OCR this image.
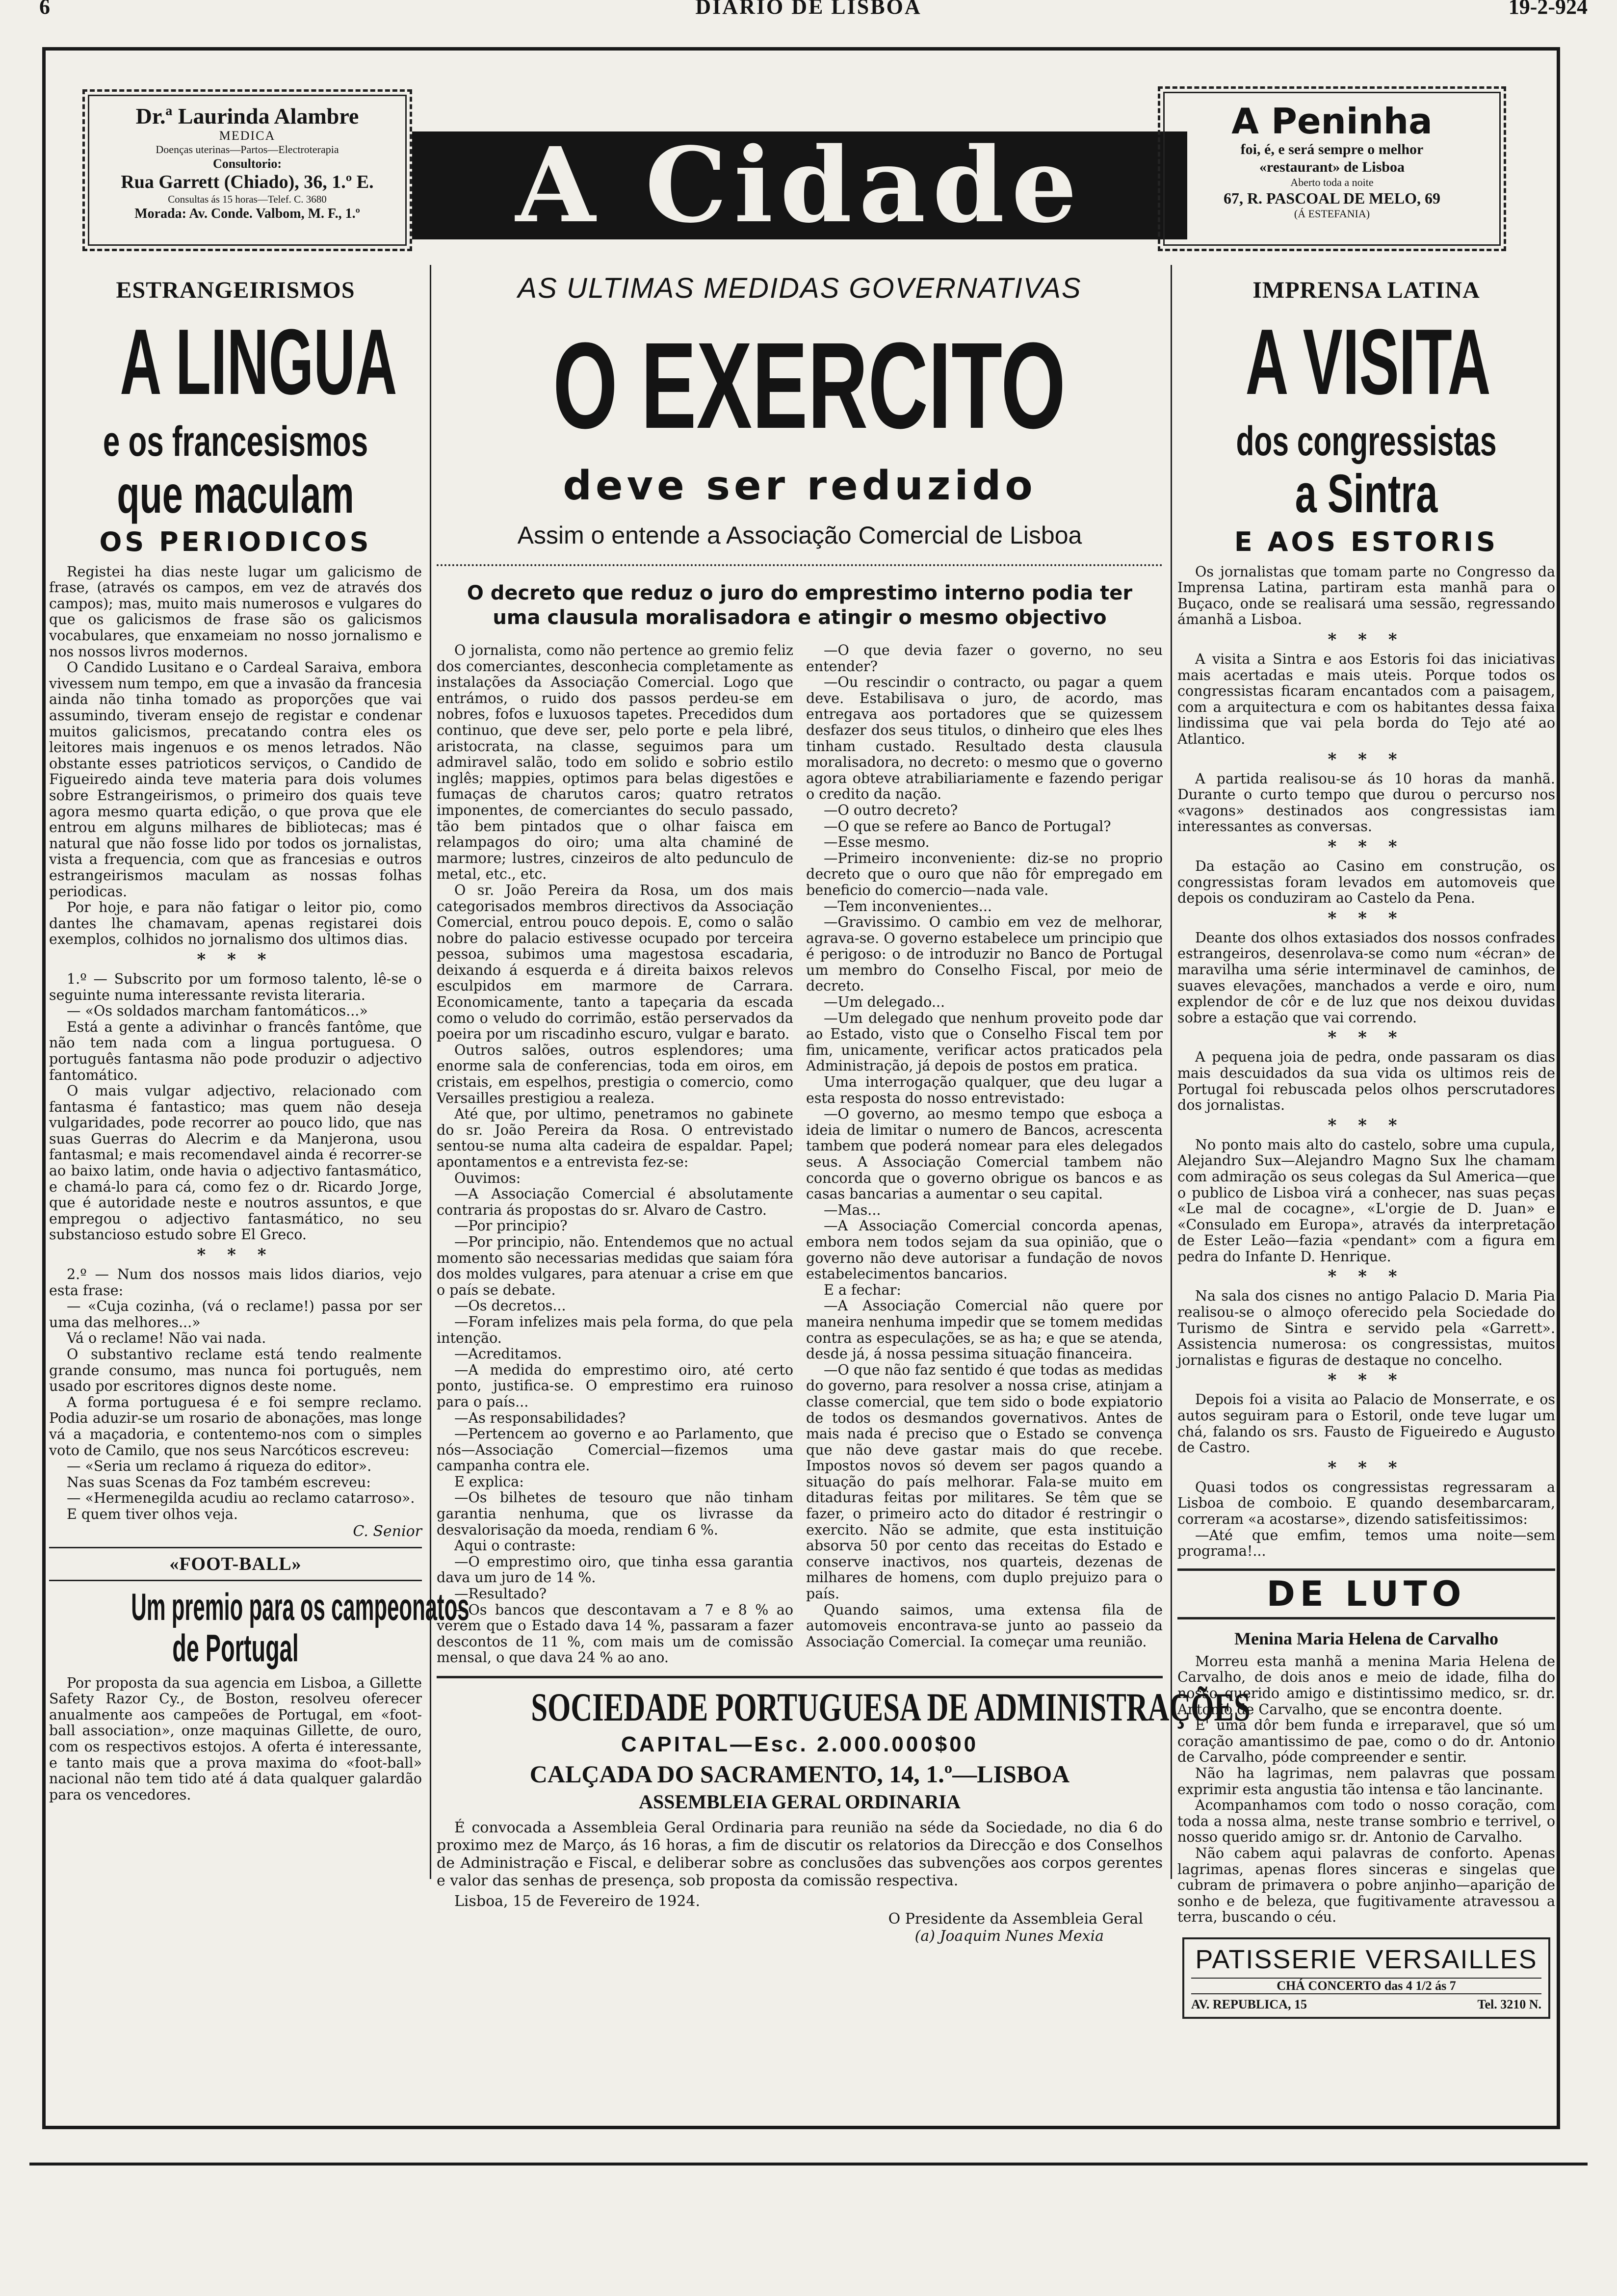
6	DIARIO DE LISBOA	19-2-924
Dr.ª Laurinda Alambre
MEDICA
Doenças uterinas—Partos—Electroterapia
Consultorio:
Rua Garrett (Chiado), 36, 1.º E.
Consultas ás 15 horas—Telef. C. 3680
Morada: Av. Conde. Valbom, M. F., 1.º	A Cidade
A Peninha
foi, é, e será sempre o melhor
«restaurant» de Lisboa
Aberto toda a noite
67, R. PASCOAL DE MELO, 69
(Á ESTEFANIA)
ESTRANGEIRISMOS
A LINGUA
e os francesismos
que maculam
OS PERIODICOS

Registei ha dias neste lugar um galicismo de frase, (através os campos, em vez de através dos campos); mas, muito mais numerosos e vulgares do que os galicismos de frase são os galicismos vocabulares, que enxameiam no nosso jornalismo e nos nossos livros modernos.

O Candido Lusitano e o Cardeal Saraiva, embora vivessem num tempo, em que a invasão da francesia ainda não tinha tomado as proporções que vai assumindo, tiveram ensejo de registar e condenar muitos galicismos, precatando contra eles os leitores mais ingenuos e os menos letrados. Não obstante esses patrioticos serviços, o Candido de Figueiredo ainda teve materia para dois volumes sobre Estrangeirismos, o primeiro dos quais teve agora mesmo quarta edição, o que prova que ele entrou em alguns milhares de bibliotecas; mas é natural que não fosse lido por todos os jornalistas, vista a frequencia, com que as francesias e outros estrangeirismos maculam as nossas folhas periodicas.

Por hoje, e para não fatigar o leitor pio, como dantes lhe chamavam, apenas registarei dois exemplos, colhidos no jornalismo dos ultimos dias.

* * *

1.º — Subscrito por um formoso talento, lê-se o seguinte numa interessante revista literaria.

— «Os soldados marcham fantomáticos...»

Está a gente a adivinhar o francês fantôme, que não tem nada com a lingua portuguesa. O português fantasma não pode produzir o adjectivo fantomático.

O mais vulgar adjectivo, relacionado com fantasma é fantastico; mas quem não deseja vulgaridades, pode recorrer ao pouco lido, que nas suas Guerras do Alecrim e da Manjerona, usou fantasmal; e mais recomendavel ainda é recorrer-se ao baixo latim, onde havia o adjectivo fantasmático, e chamá-lo para cá, como fez o dr. Ricardo Jorge, que é autoridade neste e noutros assuntos, e que empregou o adjectivo fantasmático, no seu substancioso estudo sobre El Greco.

* * *

2.º — Num dos nossos mais lidos diarios, vejo esta frase:

— «Cuja cozinha, (vá o reclame!) passa por ser uma das melhores...»

Vá o reclame! Não vai nada.

O substantivo reclame está tendo realmente grande consumo, mas nunca foi português, nem usado por escritores dignos deste nome.

A forma portuguesa é e foi sempre reclamo. Podia aduzir-se um rosario de abonações, mas longe vá a maçadoria, e contentemo-nos com o simples voto de Camilo, que nos seus Narcóticos escreveu:

— «Seria um reclamo á riqueza do editor».

Nas suas Scenas da Foz também escreveu:

— «Hermenegilda acudiu ao reclamo catarroso».

E quem tiver olhos veja.

C. Senior
«FOOT-BALL»
Um premio para os campeonatos
de Portugal

Por proposta da sua agencia em Lisboa, a Gillette Safety Razor Cy., de Boston, resolveu oferecer anualmente aos campeões de Portugal, em «foot-ball association», onze maquinas Gillette, de ouro, com os respectivos estojos. A oferta é interessante, e tanto mais que a prova maxima do «foot-ball» nacional não tem tido até á data qualquer galardão para os vencedores.

AS ULTIMAS MEDIDAS GOVERNATIVAS
O EXERCITO
deve ser reduzido
Assim o entende a Associação Comercial de Lisboa
O decreto que reduz o juro do emprestimo interno podia ter uma clausula moralisadora e atingir o mesmo objectivo

O jornalista, como não pertence ao gremio feliz dos comerciantes, desconhecia completamente as instalações da Associação Comercial. Logo que entrámos, o ruido dos passos perdeu-se em nobres, fofos e luxuosos tapetes. Precedidos dum continuo, que deve ser, pelo porte e pela libré, aristocrata, na classe, seguimos para um admiravel salão, todo em solido e sobrio estilo inglês; mappies, optimos para belas digestões e fumaças de charutos caros; quatro retratos imponentes, de comerciantes do seculo passado, tão bem pintados que o olhar faisca em relampagos do oiro; uma alta chaminé de marmore; lustres, cinzeiros de alto pedunculo de metal, etc., etc.

O sr. João Pereira da Rosa, um dos mais categorisados membros directivos da Associação Comercial, entrou pouco depois. E, como o salão nobre do palacio estivesse ocupado por terceira pessoa, subimos uma magestosa escadaria, deixando á esquerda e á direita baixos relevos esculpidos em marmore de Carrara. Economicamente, tanto a tapeçaria da escada como o veludo do corrimão, estão perservados da poeira por um riscadinho escuro, vulgar e barato.

Outros salões, outros esplendores; uma enorme sala de conferencias, toda em oiros, em cristais, em espelhos, prestigia o comercio, como Versailles prestigiou a realeza.

Até que, por ultimo, penetramos no gabinete do sr. João Pereira da Rosa. O entrevistado sentou-se numa alta cadeira de espaldar. Papel; apontamentos e a entrevista fez-se:

Ouvimos:

—A Associação Comercial é absolutamente contraria ás propostas do sr. Alvaro de Castro.

—Por principio?

—Por principio, não. Entendemos que no actual momento são necessarias medidas que saiam fóra dos moldes vulgares, para atenuar a crise em que o país se debate.

—Os decretos...

—Foram infelizes mais pela forma, do que pela intenção.

—Acreditamos.

—A medida do emprestimo oiro, até certo ponto, justifica-se. O emprestimo era ruinoso para o país...

—As responsabilidades?

—Pertencem ao governo e ao Parlamento, que nós—Associação Comercial—fizemos uma campanha contra ele.

E explica:

—Os bilhetes de tesouro que não tinham garantia nenhuma, que os livrasse da desvalorisação da moeda, rendiam 6 %.

Aqui o contraste:

—O emprestimo oiro, que tinha essa garantia dava um juro de 14 %.

—Resultado?

—Os bancos que descontavam a 7 e 8 % ao verem que o Estado dava 14 %, passaram a fazer descontos de 11 %, com mais um de comissão mensal, o que dava 24 % ao ano.

—O que devia fazer o governo, no seu entender?

—Ou rescindir o contracto, ou pagar a quem deve. Estabilisava o juro, de acordo, mas entregava aos portadores que se quizessem desfazer dos seus titulos, o dinheiro que eles lhes tinham custado. Resultado desta clausula moralisadora, no decreto: o mesmo que o governo agora obteve atrabiliariamente e fazendo perigar o credito da nação.

—O outro decreto?

—O que se refere ao Banco de Portugal?

—Esse mesmo.

—Primeiro inconveniente: diz-se no proprio decreto que o ouro que não fôr empregado em beneficio do comercio—nada vale.

—Tem inconvenientes...

—Gravissimo. O cambio em vez de melhorar, agrava-se. O governo estabelece um principio que é perigoso: o de introduzir no Banco de Portugal um membro do Conselho Fiscal, por meio de decreto.

—Um delegado...

—Um delegado que nenhum proveito pode dar ao Estado, visto que o Conselho Fiscal tem por fim, unicamente, verificar actos praticados pela Administração, já depois de postos em pratica.

Uma interrogação qualquer, que deu lugar a esta resposta do nosso entrevistado:

—O governo, ao mesmo tempo que esboça a ideia de limitar o numero de Bancos, acrescenta tambem que poderá nomear para eles delegados seus. A Associação Comercial tambem não concorda que o governo obrigue os bancos e as casas bancarias a aumentar o seu capital.

—Mas...

—A Associação Comercial concorda apenas, embora nem todos sejam da sua opinião, que o governo não deve autorisar a fundação de novos estabelecimentos bancarios.

E a fechar:

—A Associação Comercial não quere por maneira nenhuma impedir que se tomem medidas contra as especulações, se as ha; e que se atenda, desde já, á nossa pessima situação financeira.

—O que não faz sentido é que todas as medidas do governo, para resolver a nossa crise, atinjam a classe comercial, que tem sido o bode expiatorio de todos os desmandos governativos. Antes de mais nada é preciso que o Estado se convença que não deve gastar mais do que recebe. Impostos novos só devem ser pagos quando a situação do país melhorar. Fala-se muito em ditaduras feitas por militares. Se têm que se fazer, o primeiro acto do ditador é restringir o exercito. Não se admite, que esta instituição absorva 50 por cento das receitas do Estado e conserve inactivos, nos quarteis, dezenas de milhares de homens, com duplo prejuizo para o país.

Quando saimos, uma extensa fila de automoveis encontrava-se junto ao passeio da Associação Comercial. Ia começar uma reunião.

SOCIEDADE PORTUGUESA DE ADMINISTRAÇÕES
CAPITAL—Esc. 2.000.000$00
CALÇADA DO SACRAMENTO, 14, 1.º—LISBOA
ASSEMBLEIA GERAL ORDINARIA

É convocada a Assembleia Geral Ordinaria para reunião na séde da Sociedade, no dia 6 do proximo mez de Março, ás 16 horas, a fim de discutir os relatorios da Direcção e dos Conselhos de Administração e Fiscal, e deliberar sobre as conclusões das subvenções aos corpos gerentes e valor das senhas de presença, sob proposta da comissão respectiva.

Lisboa, 15 de Fevereiro de 1924.

O Presidente da Assembleia Geral
(a) Joaquim Nunes Mexia
IMPRENSA LATINA
A VISITA
dos congressistas
a Sintra
E AOS ESTORIS

Os jornalistas que tomam parte no Congresso da Imprensa Latina, partiram esta manhã para o Buçaco, onde se realisará uma sessão, regressando ámanhã a Lisboa.

* * *

A visita a Sintra e aos Estoris foi das iniciativas mais acertadas e mais uteis. Porque todos os congressistas ficaram encantados com a paisagem, com a arquitectura e com os habitantes dessa faixa lindissima que vai pela borda do Tejo até ao Atlantico.

* * *

A partida realisou-se ás 10 horas da manhã. Durante o curto tempo que durou o percurso nos «vagons» destinados aos congressistas iam interessantes as conversas.

* * *

Da estação ao Casino em construção, os congressistas foram levados em automoveis que depois os conduziram ao Castelo da Pena.

* * *

Deante dos olhos extasiados dos nossos confrades estrangeiros, desenrolava-se como num «écran» de maravilha uma série interminavel de caminhos, de suaves elevações, manchados a verde e oiro, num explendor de côr e de luz que nos deixou duvidas sobre a estação que vai correndo.

* * *

A pequena joia de pedra, onde passaram os dias mais descuidados da sua vida os ultimos reis de Portugal foi rebuscada pelos olhos perscrutadores dos jornalistas.

* * *

No ponto mais alto do castelo, sobre uma cupula, Alejandro Sux—Alejandro Magno Sux lhe chamam com admiração os seus colegas da Sul America—que o publico de Lisboa virá a conhecer, nas suas peças «Le mal de cocagne», «L'orgie de D. Juan» e «Consulado em Europa», através da interpretação de Ester Leão—fazia «pendant» com a figura em pedra do Infante D. Henrique.

* * *

Na sala dos cisnes no antigo Palacio D. Maria Pia realisou-se o almoço oferecido pela Sociedade do Turismo de Sintra e servido pela «Garrett». Assistencia numerosa: os congressistas, muitos jornalistas e figuras de destaque no concelho.

* * *

Depois foi a visita ao Palacio de Monserrate, e os autos seguiram para o Estoril, onde teve lugar um chá, falando os srs. Fausto de Figueiredo e Augusto de Castro.

* * *

Quasi todos os congressistas regressaram a Lisboa de comboio. E quando desembarcaram, correram «a acostarse», dizendo satisfeitissimos:

—Até que emfim, temos uma noite—sem programa!...

DE LUTO
Menina Maria Helena de Carvalho

Morreu esta manhã a menina Maria Helena de Carvalho, de dois anos e meio de idade, filha do nosso querido amigo e distintissimo medico, sr. dr. Antonio de Carvalho, que se encontra doente.

E' uma dôr bem funda e irreparavel, que só um coração amantissimo de pae, como o do dr. Antonio de Carvalho, póde compreender e sentir.

Não ha lagrimas, nem palavras que possam exprimir esta angustia tão intensa e tão lancinante.

Acompanhamos com todo o nosso coração, com toda a nossa alma, neste transe sombrio e terrivel, o nosso querido amigo sr. dr. Antonio de Carvalho.

Não cabem aqui palavras de conforto. Apenas lagrimas, apenas flores sinceras e singelas que cubram de primavera o pobre anjinho—aparição de sonho e de beleza, que fugitivamente atravessou a terra, buscando o céu.

PATISSERIE VERSAILLES
CHÁ CONCERTO das 4 1/2 ás 7
AV. REPUBLICA, 15	Tel. 3210 N.
